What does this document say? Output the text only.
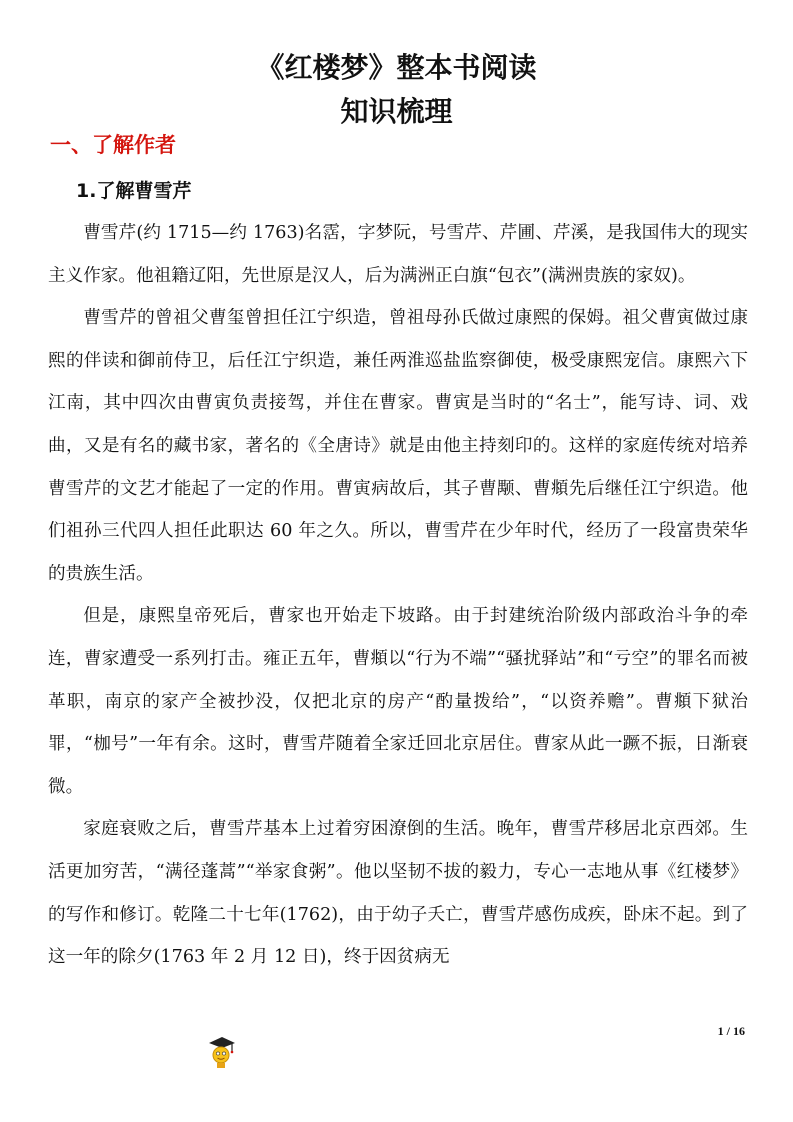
《红楼梦》整本书阅读
知识梳理
一、了解作者
1.了解曹雪芹

曹雪芹(约 1715—约 1763)名霑，字梦阮，号雪芹、芹圃、芹溪，是我国伟大的现实主义作家。他祖籍辽阳，先世原是汉人，后为满洲正白旗“包衣”(满洲贵族的家奴)。

曹雪芹的曾祖父曹玺曾担任江宁织造，曾祖母孙氏做过康熙的保姆。祖父曹寅做过康熙的伴读和御前侍卫，后任江宁织造，兼任两淮巡盐监察御使，极受康熙宠信。康熙六下江南，其中四次由曹寅负责接驾，并住在曹家。曹寅是当时的“名士”，能写诗、词、戏曲，又是有名的藏书家，著名的《全唐诗》就是由他主持刻印的。这样的家庭传统对培养曹雪芹的文艺才能起了一定的作用。曹寅病故后，其子曹颙、曹頫先后继任江宁织造。他们祖孙三代四人担任此职达 60 年之久。所以，曹雪芹在少年时代，经历了一段富贵荣华的贵族生活。

但是，康熙皇帝死后，曹家也开始走下坡路。由于封建统治阶级内部政治斗争的牵连，曹家遭受一系列打击。雍正五年，曹頫以“行为不端”“骚扰驿站”和“亏空”的罪名而被革职，南京的家产全被抄没，仅把北京的房产“酌量拨给”，“以资养赡”。曹頫下狱治罪，“枷号”一年有余。这时，曹雪芹随着全家迁回北京居住。曹家从此一蹶不振，日渐衰微。

家庭衰败之后，曹雪芹基本上过着穷困潦倒的生活。晚年，曹雪芹移居北京西郊。生活更加穷苦，“满径蓬蒿”“举家食粥”。他以坚韧不拔的毅力，专心一志地从事《红楼梦》的写作和修订。乾隆二十七年(1762)，由于幼子夭亡，曹雪芹感伤成疾，卧床不起。到了这一年的除夕(1763 年 2 月 12 日)，终于因贫病无

1 / 16
